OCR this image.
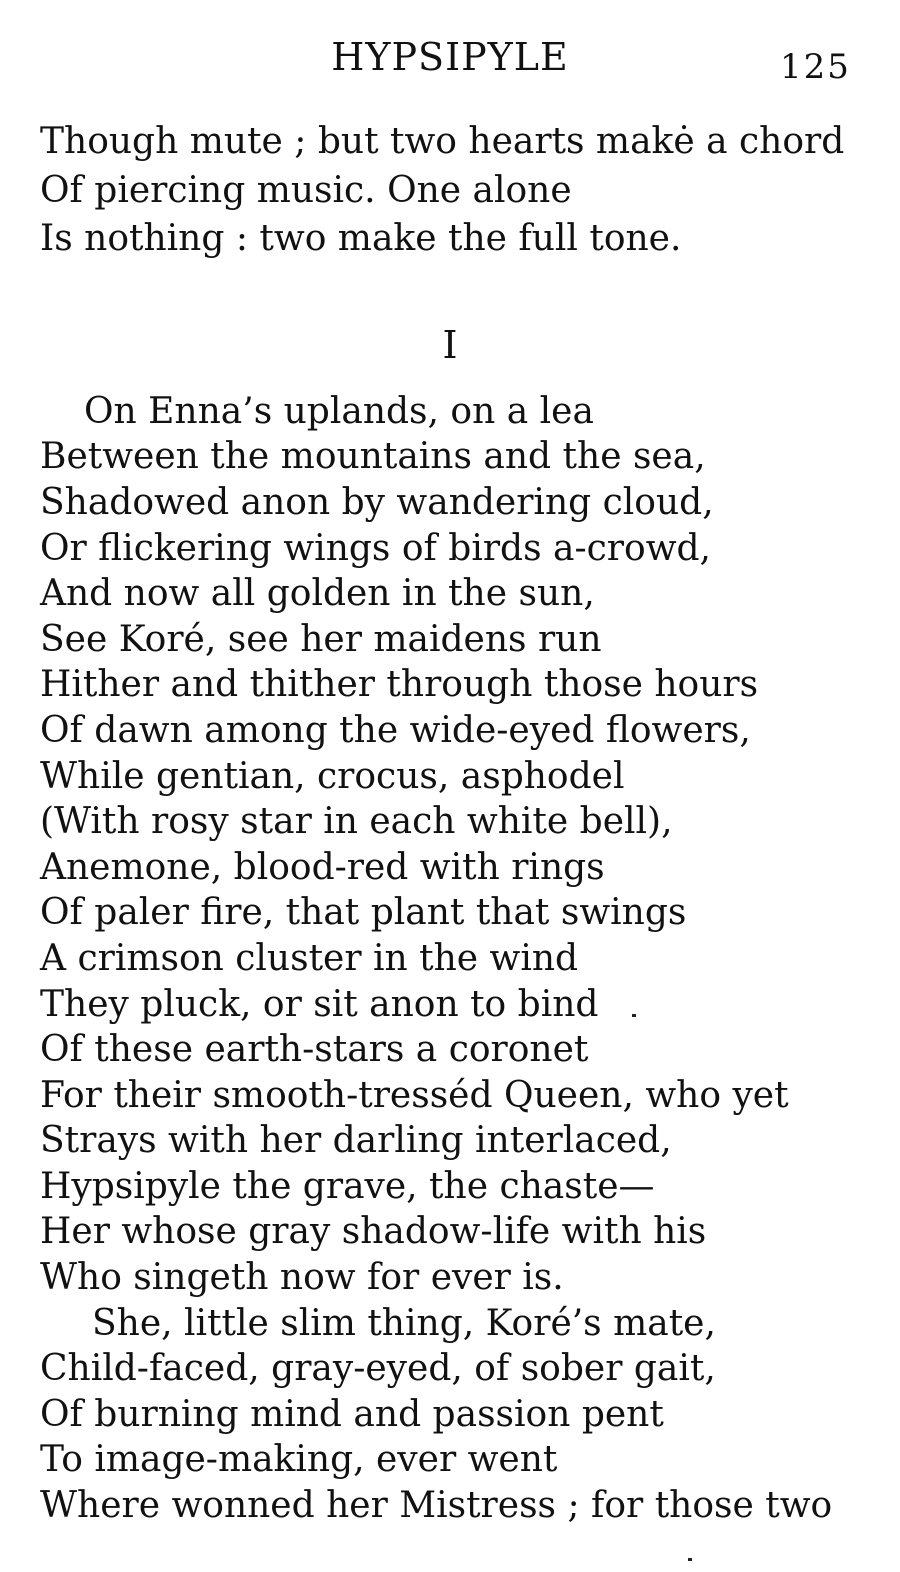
HYPSIPYLE	125
Though mute ; but two hearts makė a chord
Of piercing music. One alone
Is nothing : two make the full tone.
I
On Enna’s uplands, on a lea
Between the mountains and the sea,
Shadowed anon by wandering cloud,
Or flickering wings of birds a-crowd,
And now all golden in the sun,
See Koré, see her maidens run
Hither and thither through those hours
Of dawn among the wide-eyed flowers,
While gentian, crocus, asphodel
(With rosy star in each white bell),
Anemone, blood-red with rings
Of paler fire, that plant that swings
A crimson cluster in the wind
They pluck, or sit anon to bind
Of these earth-stars a coronet
For their smooth-tresséd Queen, who yet
Strays with her darling interlaced,
Hypsipyle the grave, the chaste—
Her whose gray shadow-life with his
Who singeth now for ever is.
She, little slim thing, Koré’s mate,
Child-faced, gray-eyed, of sober gait,
Of burning mind and passion pent
To image-making, ever went
Where wonned her Mistress ; for those two
